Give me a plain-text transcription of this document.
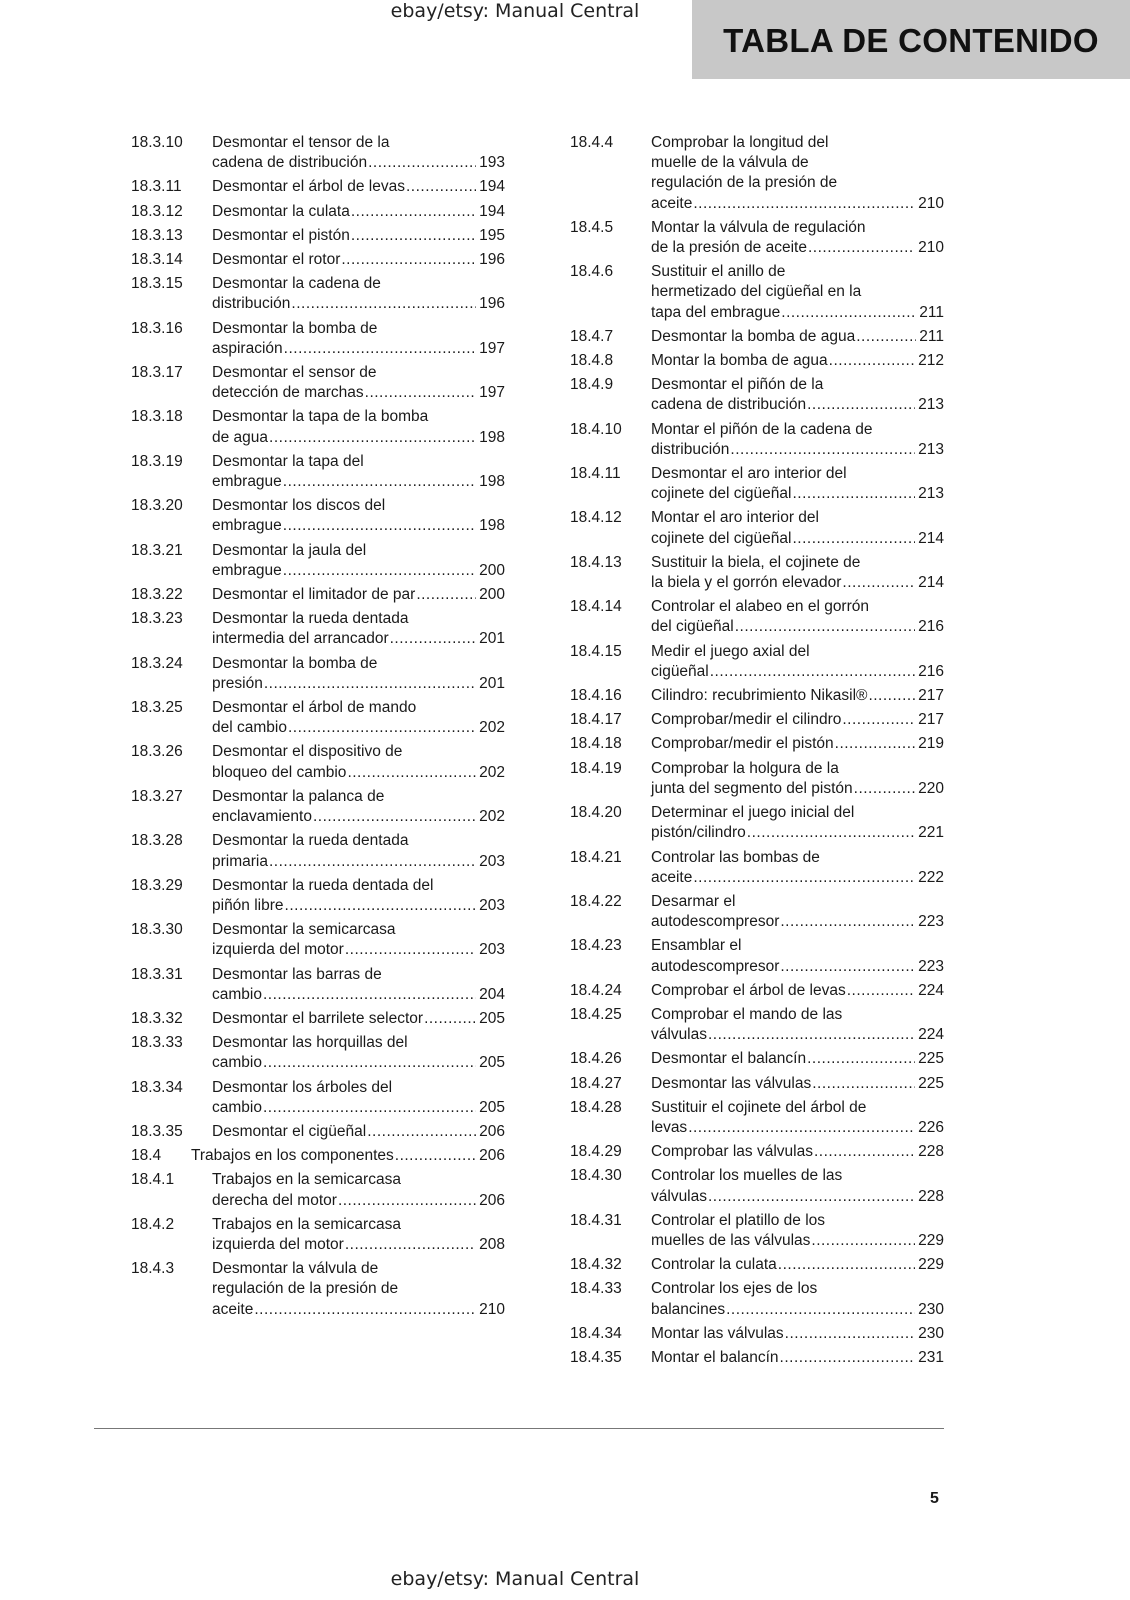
ebay/etsy: Manual Central
TABLA DE CONTENIDO
18.3.10 Desmontar el tensor de la
cadena de distribución .....	193
18.3.11 Desmontar el árbol de levas .....	194
18.3.12 Desmontar la culata .....	194
18.3.13 Desmontar el pistón .....	195
18.3.14 Desmontar el rotor .....	196
18.3.15 Desmontar la cadena de
distribución .....	196
18.3.16 Desmontar la bomba de
aspiración .....	197
18.3.17 Desmontar el sensor de
detección de marchas .....	197
18.3.18 Desmontar la tapa de la bomba
de agua .....	198
18.3.19 Desmontar la tapa del
embrague .....	198
18.3.20 Desmontar los discos del
embrague .....	198
18.3.21 Desmontar la jaula del
embrague .....	200
18.3.22 Desmontar el limitador de par .....	200
18.3.23 Desmontar la rueda dentada
intermedia del arrancador .....	201
18.3.24 Desmontar la bomba de
presión .....	201
18.3.25 Desmontar el árbol de mando
del cambio .....	202
18.3.26 Desmontar el dispositivo de
bloqueo del cambio .....	202
18.3.27 Desmontar la palanca de
enclavamiento .....	202
18.3.28 Desmontar la rueda dentada
primaria .....	203
18.3.29 Desmontar la rueda dentada del
piñón libre .....	203
18.3.30 Desmontar la semicarcasa
izquierda del motor .....	203
18.3.31 Desmontar las barras de
cambio .....	204
18.3.32 Desmontar el barrilete selector .....	205
18.3.33 Desmontar las horquillas del
cambio .....	205
18.3.34 Desmontar los árboles del
cambio .....	205
18.3.35 Desmontar el cigüeñal .....	206
18.4 Trabajos en los componentes .....	206
18.4.1 Trabajos en la semicarcasa
derecha del motor .....	206
18.4.2 Trabajos en la semicarcasa
izquierda del motor .....	208
18.4.3 Desmontar la válvula de
regulación de la presión de
aceite .....	210
18.4.4 Comprobar la longitud del
muelle de la válvula de
regulación de la presión de
aceite .....	210
18.4.5 Montar la válvula de regulación
de la presión de aceite .....	210
18.4.6 Sustituir el anillo de
hermetizado del cigüeñal en la
tapa del embrague .....	211
18.4.7 Desmontar la bomba de agua .....	211
18.4.8 Montar la bomba de agua .....	212
18.4.9 Desmontar el piñón de la
cadena de distribución .....	213
18.4.10 Montar el piñón de la cadena de
distribución .....	213
18.4.11 Desmontar el aro interior del
cojinete del cigüeñal .....	213
18.4.12 Montar el aro interior del
cojinete del cigüeñal .....	214
18.4.13 Sustituir la biela, el cojinete de
la biela y el gorrón elevador .....	214
18.4.14 Controlar el alabeo en el gorrón
del cigüeñal .....	216
18.4.15 Medir el juego axial del
cigüeñal .....	216
18.4.16 Cilindro: recubrimiento Nikasil® .....	217
18.4.17 Comprobar/medir el cilindro .....	217
18.4.18 Comprobar/medir el pistón .....	219
18.4.19 Comprobar la holgura de la
junta del segmento del pistón .....	220
18.4.20 Determinar el juego inicial del
pistón/cilindro .....	221
18.4.21 Controlar las bombas de
aceite .....	222
18.4.22 Desarmar el
autodescompresor .....	223
18.4.23 Ensamblar el
autodescompresor .....	223
18.4.24 Comprobar el árbol de levas .....	224
18.4.25 Comprobar el mando de las
válvulas .....	224
18.4.26 Desmontar el balancín .....	225
18.4.27 Desmontar las válvulas .....	225
18.4.28 Sustituir el cojinete del árbol de
levas .....	226
18.4.29 Comprobar las válvulas .....	228
18.4.30 Controlar los muelles de las
válvulas .....	228
18.4.31 Controlar el platillo de los
muelles de las válvulas .....	229
18.4.32 Controlar la culata .....	229
18.4.33 Controlar los ejes de los
balancines .....	230
18.4.34 Montar las válvulas .....	230
18.4.35 Montar el balancín .....	231
5
ebay/etsy: Manual Central
